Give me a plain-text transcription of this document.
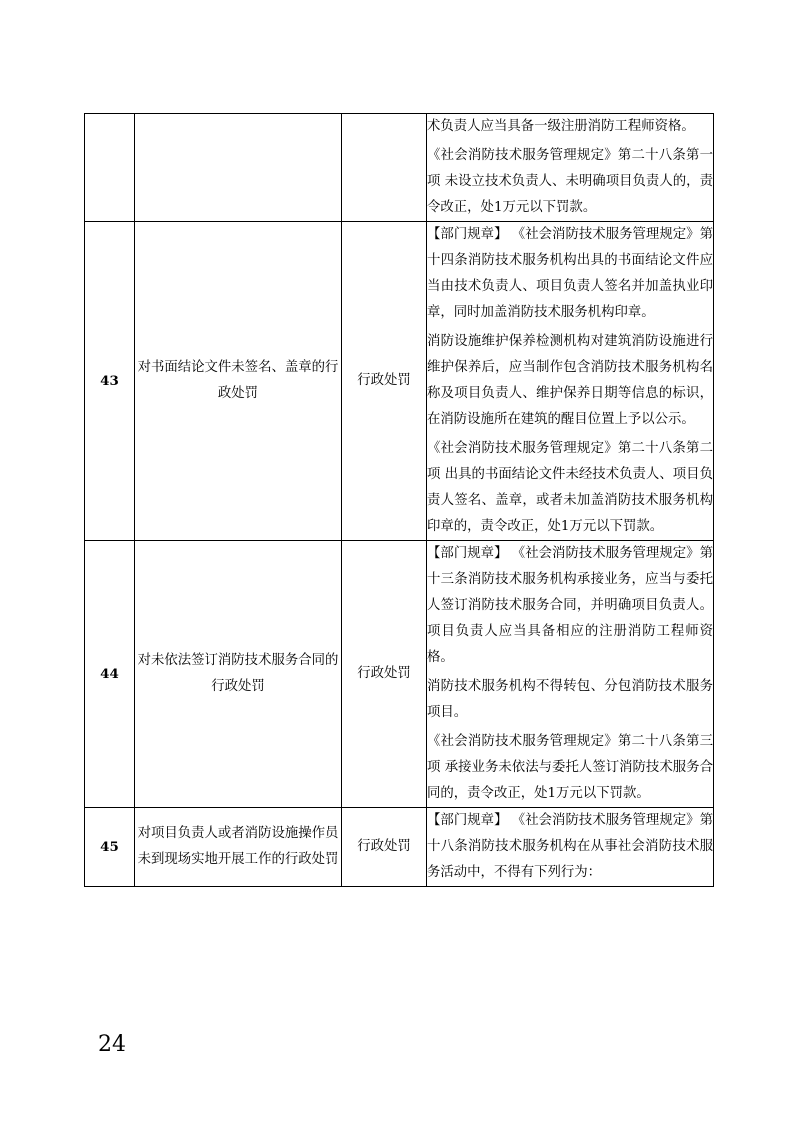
			术负责人应当具备一级注册消防工程师资格。

《社会消防技术服务管理规定》第二十八条第一项 未设立技术负责人、未明确项目负责人的，责令改正，处1万元以下罚款。

43	对书面结论文件未签名、盖章的行政处罚	行政处罚	【部门规章】 《社会消防技术服务管理规定》第十四条消防技术服务机构出具的书面结论文件应当由技术负责人、项目负责人签名并加盖执业印章，同时加盖消防技术服务机构印章。

消防设施维护保养检测机构对建筑消防设施进行维护保养后，应当制作包含消防技术服务机构名称及项目负责人、维护保养日期等信息的标识，在消防设施所在建筑的醒目位置上予以公示。

《社会消防技术服务管理规定》第二十八条第二项 出具的书面结论文件未经技术负责人、项目负责人签名、盖章，或者未加盖消防技术服务机构印章的，责令改正，处1万元以下罚款。

44	对未依法签订消防技术服务合同的行政处罚	行政处罚	【部门规章】 《社会消防技术服务管理规定》第十三条消防技术服务机构承接业务，应当与委托人签订消防技术服务合同，并明确项目负责人。项目负责人应当具备相应的注册消防工程师资格。

消防技术服务机构不得转包、分包消防技术服务项目。

《社会消防技术服务管理规定》第二十八条第三项 承接业务未依法与委托人签订消防技术服务合同的，责令改正，处1万元以下罚款。

45	对项目负责人或者消防设施操作员未到现场实地开展工作的行政处罚	行政处罚	【部门规章】 《社会消防技术服务管理规定》第十八条消防技术服务机构在从事社会消防技术服务活动中，不得有下列行为：

24
